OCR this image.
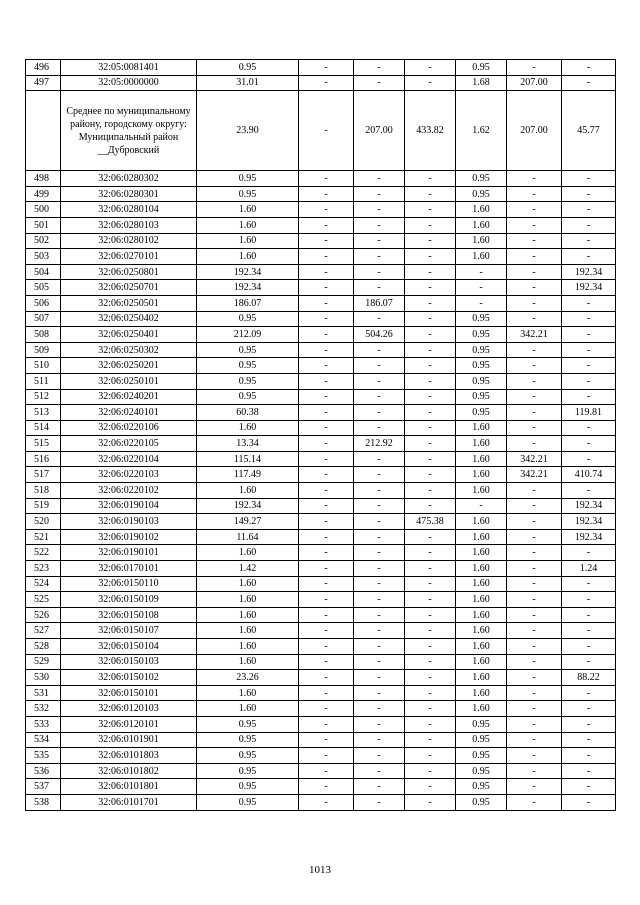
496	32:05:0081401	0.95	-	-	-	0.95	-	-
497	32:05:0000000	31.01	-	-	-	1.68	207.00	-
	Среднее по муниципальному району, городскому округу: Муниципальный район __Дубровский	23.90	-	207.00	433.82	1.62	207.00	45.77
498	32:06:0280302	0.95	-	-	-	0.95	-	-
499	32:06:0280301	0.95	-	-	-	0.95	-	-
500	32:06:0280104	1.60	-	-	-	1.60	-	-
501	32:06:0280103	1.60	-	-	-	1.60	-	-
502	32:06:0280102	1.60	-	-	-	1.60	-	-
503	32:06:0270101	1.60	-	-	-	1.60	-	-
504	32:06:0250801	192.34	-	-	-	-	-	192.34
505	32:06:0250701	192.34	-	-	-	-	-	192.34
506	32:06:0250501	186.07	-	186.07	-	-	-	-
507	32:06:0250402	0.95	-	-	-	0.95	-	-
508	32:06:0250401	212.09	-	504.26	-	0.95	342.21	-
509	32:06:0250302	0.95	-	-	-	0.95	-	-
510	32:06:0250201	0.95	-	-	-	0.95	-	-
511	32:06:0250101	0.95	-	-	-	0.95	-	-
512	32:06:0240201	0.95	-	-	-	0.95	-	-
513	32:06:0240101	60.38	-	-	-	0.95	-	119.81
514	32:06:0220106	1.60	-	-	-	1.60	-	-
515	32:06:0220105	13.34	-	212.92	-	1.60	-	-
516	32:06:0220104	115.14	-	-	-	1.60	342.21	-
517	32:06:0220103	117.49	-	-	-	1.60	342.21	410.74
518	32:06:0220102	1.60	-	-	-	1.60	-	-
519	32:06:0190104	192.34	-	-	-	-	-	192.34
520	32:06:0190103	149.27	-	-	475.38	1.60	-	192.34
521	32:06:0190102	11.64	-	-	-	1.60	-	192.34
522	32:06:0190101	1.60	-	-	-	1.60	-	-
523	32:06:0170101	1.42	-	-	-	1.60	-	1.24
524	32:06:0150110	1.60	-	-	-	1.60	-	-
525	32:06:0150109	1.60	-	-	-	1.60	-	-
526	32:06:0150108	1.60	-	-	-	1.60	-	-
527	32:06:0150107	1.60	-	-	-	1.60	-	-
528	32:06:0150104	1.60	-	-	-	1.60	-	-
529	32:06:0150103	1.60	-	-	-	1.60	-	-
530	32:06:0150102	23.26	-	-	-	1.60	-	88.22
531	32:06:0150101	1.60	-	-	-	1.60	-	-
532	32:06:0120103	1.60	-	-	-	1.60	-	-
533	32:06:0120101	0.95	-	-	-	0.95	-	-
534	32:06:0101901	0.95	-	-	-	0.95	-	-
535	32:06:0101803	0.95	-	-	-	0.95	-	-
536	32:06:0101802	0.95	-	-	-	0.95	-	-
537	32:06:0101801	0.95	-	-	-	0.95	-	-
538	32:06:0101701	0.95	-	-	-	0.95	-	-
1013
